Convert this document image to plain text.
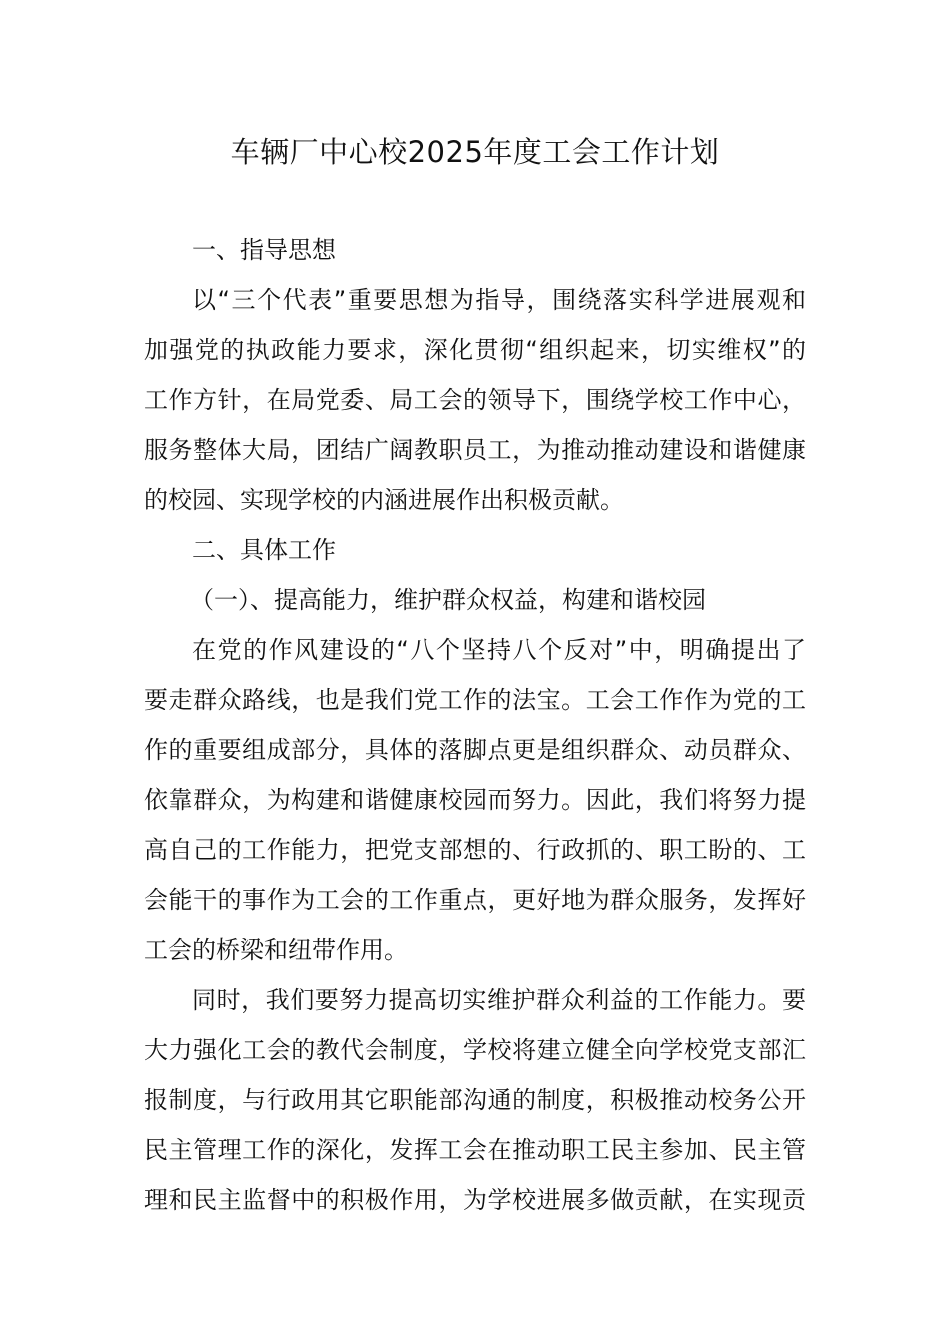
车辆厂中心校2025年度工会工作计划
一、指导思想
以“三个代表”重要思想为指导，围绕落实科学进展观和
加强党的执政能力要求，深化贯彻“组织起来，切实维权”的
工作方针，在局党委、局工会的领导下，围绕学校工作中心，
服务整体大局，团结广阔教职员工，为推动推动建设和谐健康
的校园、实现学校的内涵进展作出积极贡献。
二、具体工作
（一）、提高能力，维护群众权益，构建和谐校园
在党的作风建设的“八个坚持八个反对”中，明确提出了
要走群众路线，也是我们党工作的法宝。工会工作作为党的工
作的重要组成部分，具体的落脚点更是组织群众、动员群众、
依靠群众，为构建和谐健康校园而努力。因此，我们将努力提
高自己的工作能力，把党支部想的、行政抓的、职工盼的、工
会能干的事作为工会的工作重点，更好地为群众服务，发挥好
工会的桥梁和纽带作用。
同时，我们要努力提高切实维护群众利益的工作能力。要
大力强化工会的教代会制度，学校将建立健全向学校党支部汇
报制度，与行政用其它职能部沟通的制度，积极推动校务公开
民主管理工作的深化，发挥工会在推动职工民主参加、民主管
理和民主监督中的积极作用，为学校进展多做贡献，在实现贡
